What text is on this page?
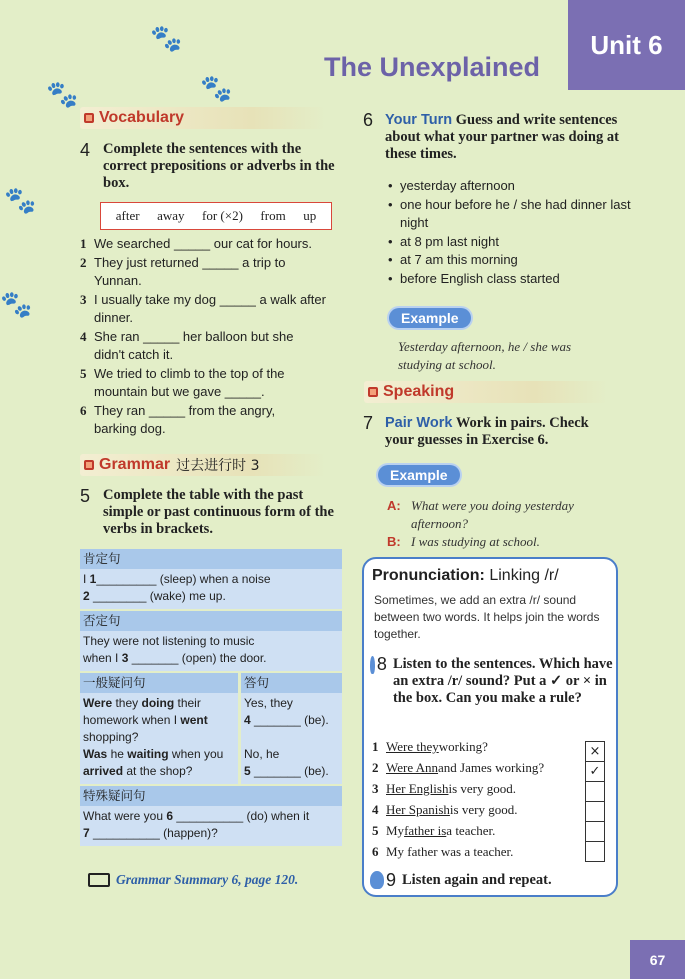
🐾
🐾	🐾
🐾
🐾
Unit 6
The Unexplained
Vocabulary
4 Complete the sentences with the correct prepositions or adverbs in the box.
after away for (×2) from up
1 We searched _____ our cat for hours.
2 They just returned _____ a trip to Yunnan.
3 I usually take my dog _____ a walk after dinner.
4 She ran _____ her balloon but she didn't catch it.
5 We tried to climb to the top of the mountain but we gave _____.
6 They ran _____ from the angry, barking dog.
Grammar 过去进行时 3
5 Complete the table with the past simple or past continuous form of the verbs in brackets.
肯定句
I 1_________ (sleep) when a noise
2 ________ (wake) me up.
否定句
They were not listening to music
when I 3 _______ (open) the door.
一般疑问句
Were they doing their
homework when I went
shopping?
Was he waiting when you
arrived at the shop?
答句
Yes, they
4 _______ (be).
No, he
5 _______ (be).
特殊疑问句
What were you 6 __________ (do) when it
7 __________ (happen)?
Grammar Summary 6, page 120.
6 Your Turn Guess and write sentences about what your partner was doing at these times.
• yesterday afternoon
• one hour before he / she had dinner last night
• at 8 pm last night
• at 7 am this morning
• before English class started
Example
Yesterday afternoon, he / she was studying at school.
Speaking
7 Pair Work Work in pairs. Check
your guesses in Exercise 6.
Example
A: What were you doing yesterday afternoon?
B: I was studying at school.
Pronunciation: Linking /r/
Sometimes, we add an extra /r/ sound between two words. It helps join the words together.
8 Listen to the sentences. Which have an extra /r/ sound? Put a ✓ or × in the box. Can you make a rule?
1 Were they working?
2 Were Ann and James working?
3 Her English is very good.
4 Her Spanish is very good.
5 My father is a teacher.
6 My father was a teacher.
×
✓
9 Listen again and repeat.
67
